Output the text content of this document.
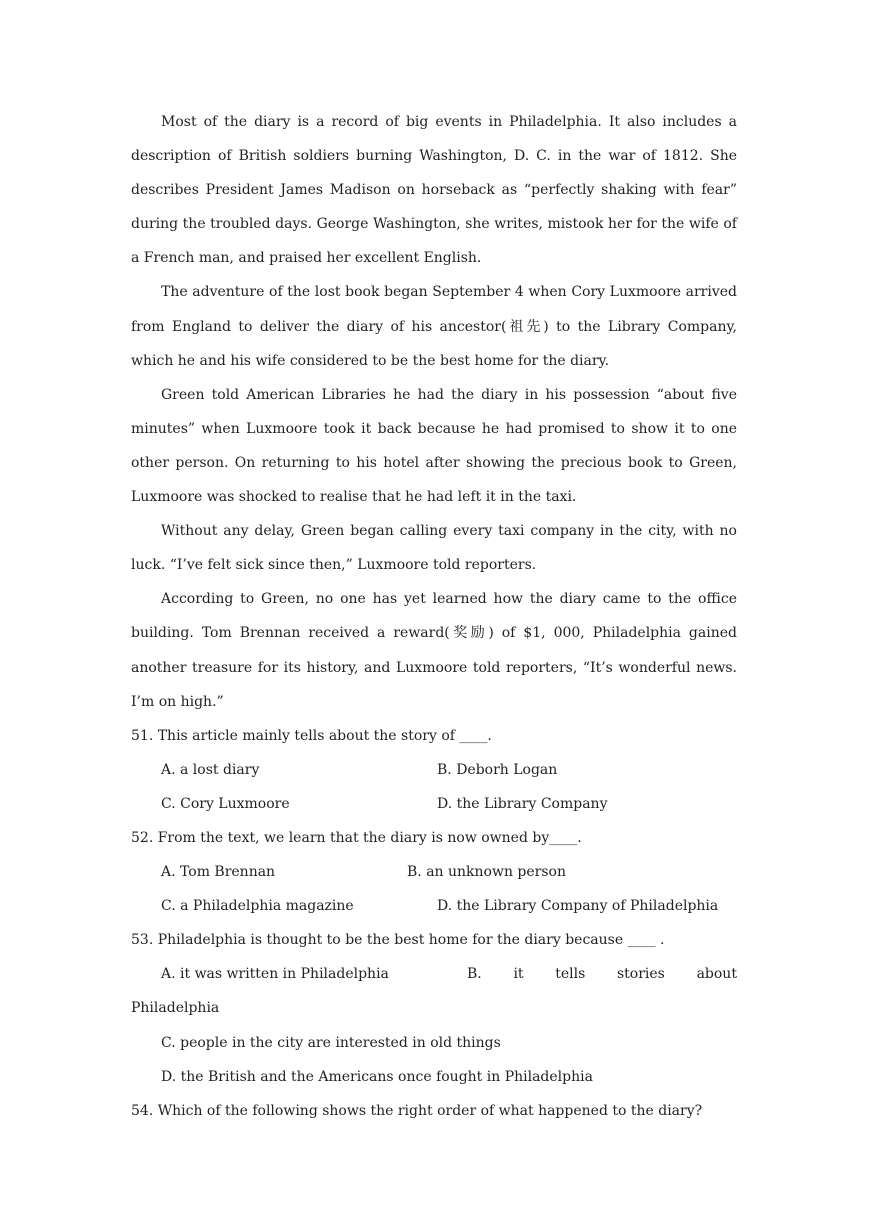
Most of the diary is a record of big events in Philadelphia. It also includes a description of British soldiers burning Washington, D. C. in the war of 1812. She describes President James Madison on horseback as “perfectly shaking with fear” during the troubled days. George Washington, she writes, mistook her for the wife of a French man, and praised her excellent English.

The adventure of the lost book began September 4 when Cory Luxmoore arrived from England to deliver the diary of his ancestor(祖先) to the Library Company, which he and his wife considered to be the best home for the diary.

Green told American Libraries he had the diary in his possession “about five minutes” when Luxmoore took it back because he had promised to show it to one other person. On returning to his hotel after showing the precious book to Green, Luxmoore was shocked to realise that he had left it in the taxi.

Without any delay, Green began calling every taxi company in the city, with no luck. “I’ve felt sick since then,” Luxmoore told reporters.

According to Green, no one has yet learned how the diary came to the office building. Tom Brennan received a reward(奖励) of $1, 000, Philadelphia gained another treasure for its history, and Luxmoore told reporters, “It’s wonderful news. I’m on high.”

51. This article mainly tells about the story of ____.

A. a lost diary	B. Deborh Logan
C. Cory Luxmoore	D. the Library Company

52. From the text, we learn that the diary is now owned by____.

A. Tom Brennan	B. an unknown person
C. a Philadelphia magazine	D. the Library Company of Philadelphia

53. Philadelphia is thought to be the best home for the diary because ____ .

A. it was written in Philadelphia	B. it tells stories about

Philadelphia

C. people in the city are interested in old things

D. the British and the Americans once fought in Philadelphia

54. Which of the following shows the right order of what happened to the diary?
